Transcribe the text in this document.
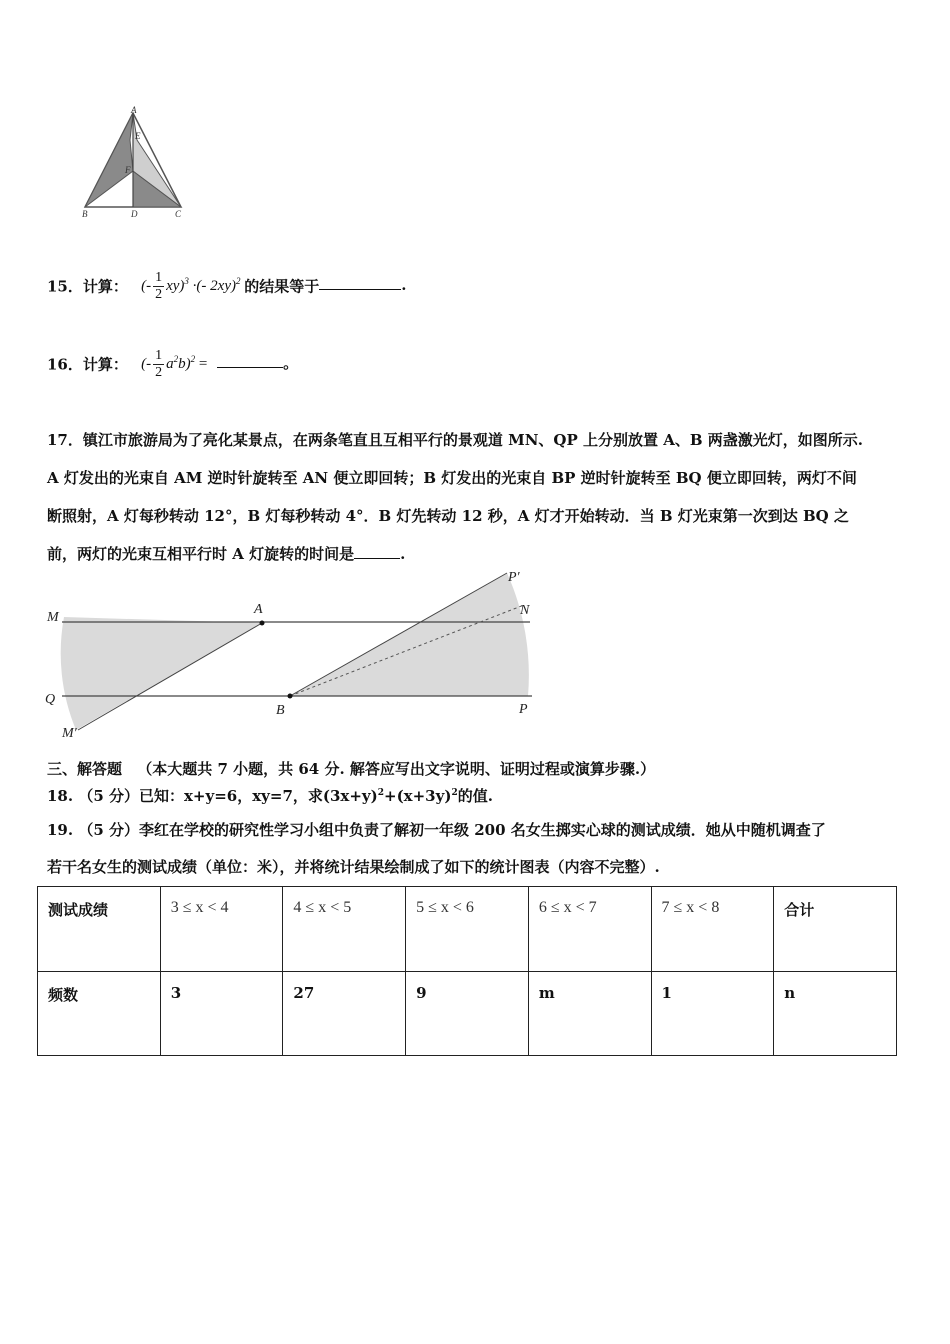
A
E
F
B	D	C
15．计算： (- $\frac{1}{2} xy)^3$ ·(- 2xy)$^2$ 的结果等于	.
16．计算： (- $\frac{1}{2} a^2b)^2$ =	。
17．镇江市旅游局为了亮化某景点，在两条笔直且互相平行的景观道 MN、QP 上分别放置 A、B 两盏激光灯，如图所示.
A 灯发出的光束自 AM 逆时针旋转至 AN 便立即回转；B 灯发出的光束自 BP 逆时针旋转至 BQ 便立即回转，两灯不间
断照射，A 灯每秒转动 12°，B 灯每秒转动 4°．B 灯先转动 12 秒，A 灯才开始转动．当 B 灯光束第一次到达 BQ 之
前，两灯的光束互相平行时 A 灯旋转的时间是	.
M
A
P′
N
Q
B	P
M′
三、解答题 （本大题共 7 小题，共 64 分. 解答应写出文字说明、证明过程或演算步骤.）
18. （5 分）已知：x+y=6，xy=7，求$(3x+y)^2+(x+3y)^2$的值.
19. （5 分）李红在学校的研究性学习小组中负责了解初一年级 200 名女生掷实心球的测试成绩．她从中随机调查了
若干名女生的测试成绩（单位：米），并将统计结果绘制成了如下的统计图表（内容不完整）.
测试成绩	3 ≤ x < 4	4 ≤ x < 5	5 ≤ x < 6	6 ≤ x < 7	7 ≤ x < 8	合计
频数	3	27	9	m	1	n
